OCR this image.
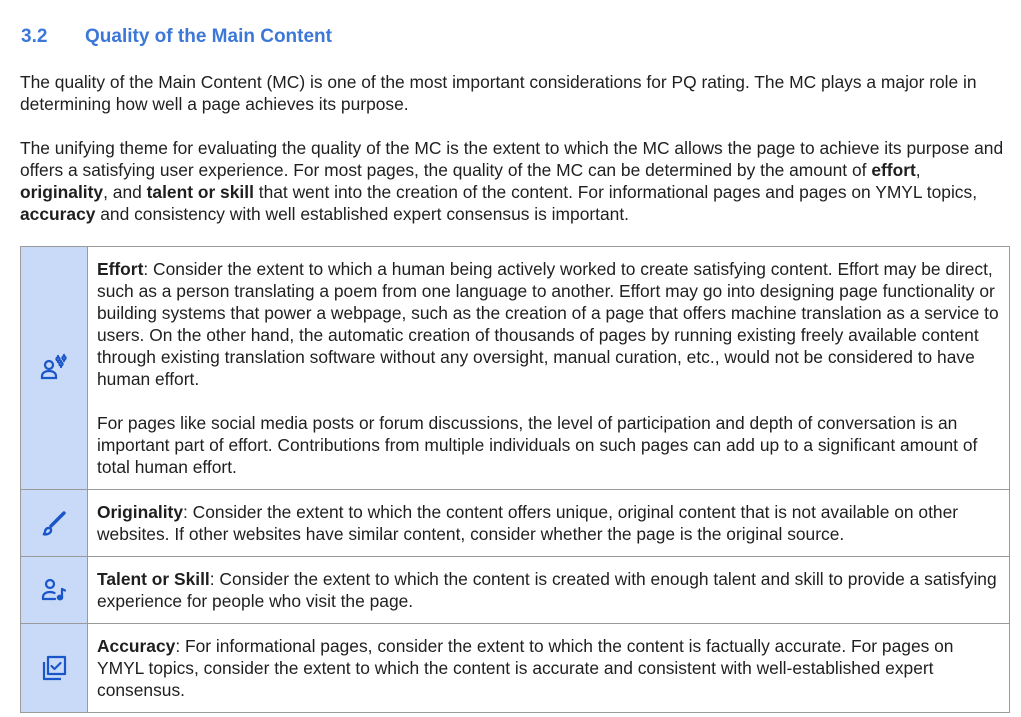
3.2	Quality of the Main Content

The quality of the Main Content (MC) is one of the most important considerations for PQ rating. The MC plays a major role in determining how well a page achieves its purpose.

The unifying theme for evaluating the quality of the MC is the extent to which the MC allows the page to achieve its purpose and offers a satisfying user experience. For most pages, the quality of the MC can be determined by the amount of effort, originality, and talent or skill that went into the creation of the content. For informational pages and pages on YMYL topics, accuracy and consistency with well established expert consensus is important.

Effort: Consider the extent to which a human being actively worked to create satisfying content. Effort may be direct, such as a person translating a poem from one language to another. Effort may go into designing page functionality or building systems that power a webpage, such as the creation of a page that offers machine translation as a service to users. On the other hand, the automatic creation of thousands of pages by running existing freely available content through existing translation software without any oversight, manual curation, etc., would not be considered to have human effort.

For pages like social media posts or forum discussions, the level of participation and depth of conversation is an important part of effort. Contributions from multiple individuals on such pages can add up to a significant amount of total human effort.

Originality: Consider the extent to which the content offers unique, original content that is not available on other websites. If other websites have similar content, consider whether the page is the original source.

Talent or Skill: Consider the extent to which the content is created with enough talent and skill to provide a satisfying experience for people who visit the page.

Accuracy: For informational pages, consider the extent to which the content is factually accurate. For pages on YMYL topics, consider the extent to which the content is accurate and consistent with well-established expert consensus.
